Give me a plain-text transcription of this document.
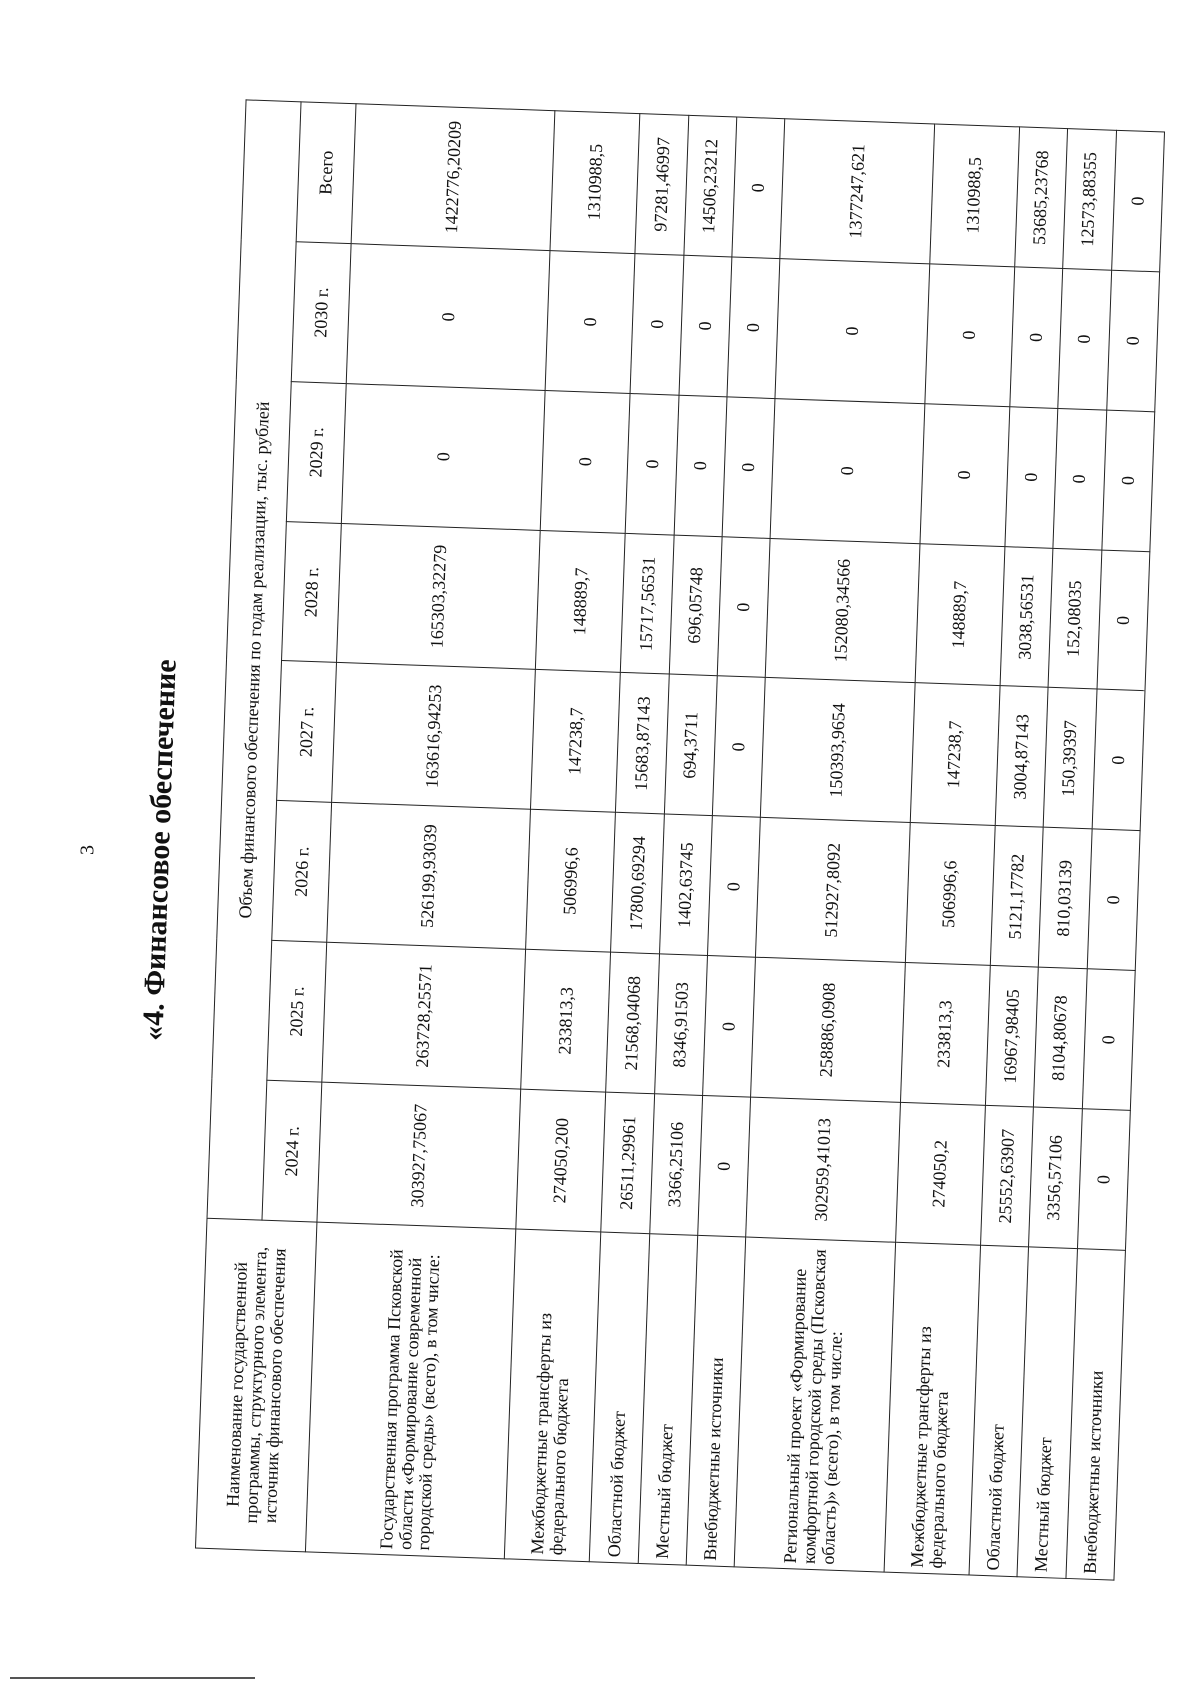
3 «4. Финансовое обеспечение
Наименование государственной программы, структурного элемента, источник финансового обеспечения	Объем финансового обеспечения по годам реализации, тыс. рублей							
	2024 г.	2025 г.	2026 г.	2027 г.	2028 г.	2029 г.	2030 г.	Всего
Государственная программа Псковской области «Формирование современной городской среды» (всего), в том числе:	303927,75067	263728,25571	526199,93039	163616,94253	165303,32279	0	0	1422776,20209
Межбюджетные трансферты из федерального бюджета	274050,200	233813,3	506996,6	147238,7	148889,7	0	0	1310988,5
Областной бюджет	26511,29961	21568,04068	17800,69294	15683,87143	15717,56531	0	0	97281,46997
Местный бюджет	3366,25106	8346,91503	1402,63745	694,3711	696,05748	0	0	14506,23212
Внебюджетные источники	0	0	0	0	0	0	0	0
Региональный проект «Формирование комфортной городской среды (Псковская область)» (всего), в том числе:	302959,41013	258886,0908	512927,8092	150393,9654	152080,34566	0	0	1377247,621
Межбюджетные трансферты из федерального бюджета	274050,2	233813,3	506996,6	147238,7	148889,7	0	0	1310988,5
Областной бюджет	25552,63907	16967,98405	5121,17782	3004,87143	3038,56531	0	0	53685,23768
Местный бюджет	3356,57106	8104,80678	810,03139	150,39397	152,08035	0	0	12573,88355
Внебюджетные источники	0	0	0	0	0	0	0	0
